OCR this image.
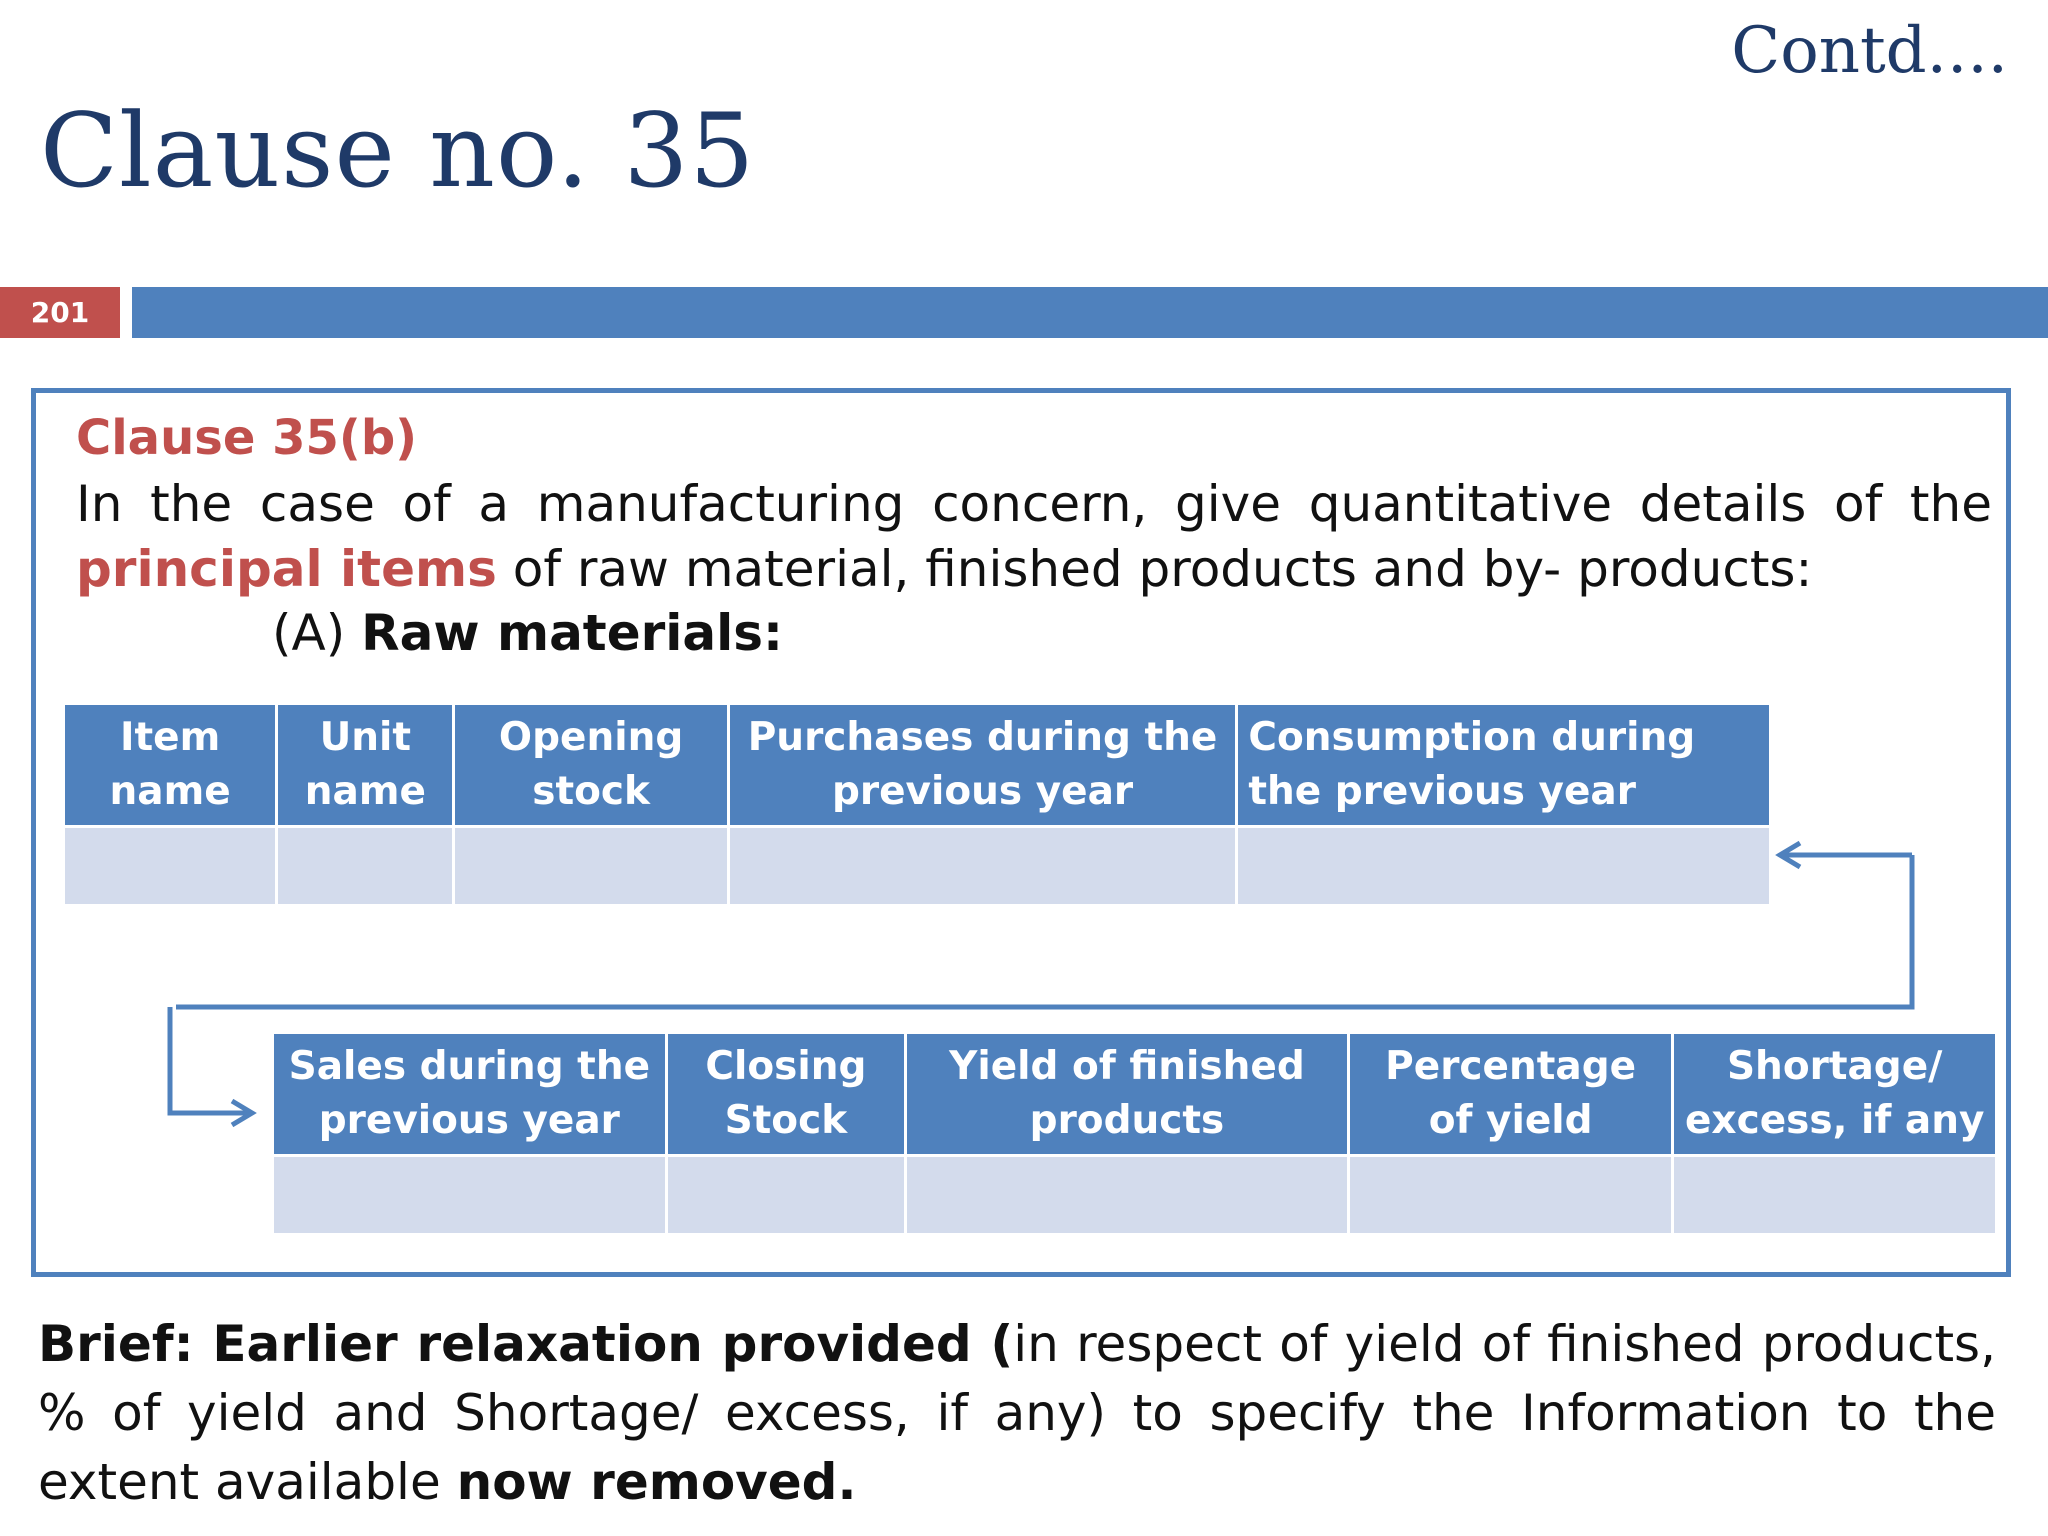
Contd....
Clause no. 35
201
Clause 35(b)
In the case of a manufacturing concern, give quantitative details of the principal items of raw material, finished products and by- products:
(A) Raw materials:
Item name	Unit name	Opening stock	Purchases during the previous year	Consumption during the previous year

Sales during the previous year	Closing Stock	Yield of finished products	Percentage of yield	Shortage/ excess, if any

Brief: Earlier relaxation provided (in respect of yield of finished products, % of yield and Shortage/ excess, if any) to specify the Information to the extent available now removed.
